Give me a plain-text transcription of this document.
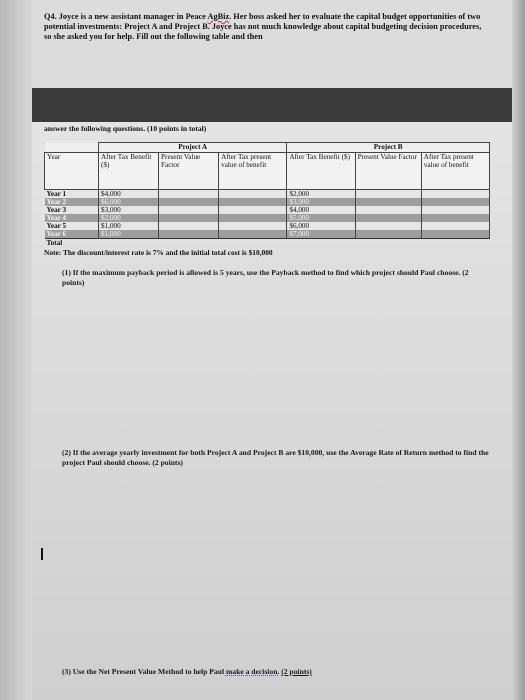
Q4. Joyce is a new assistant manager in Peace AgBiz. Her boss asked her to evaluate the capital budget opportunities of two potential investments: Project A and Project B. Joyce has not much knowledge about capital budgeting decision procedures, so she asked you for help. Fill out the following table and then
answer the following questions. (10 points in total)
	Project A			Project B		
Year	After Tax Benefit ($)	Present Value Factor	After Tax present value of benefit	After Tax Benefit ($)	Present Value Factor	After Tax present value of benefit
Year 1	$4,000			$2,000		
Year 2	$6,000			$3,000		
Year 3	$3,000			$4,000		
Year 4	$2,000			$5,000		
Year 5	$1,000			$6,000		
Year 6	$1,000			$7,000		
Total						
Note: The discount/interest rate is 7% and the initial total cost is $10,000
(1) If the maximum payback period is allowed is 5 years, use the Payback method to find which project should Paul choose. (2 points)
(2) If the average yearly investment for both Project A and Project B are $10,000, use the Average Rate of Return method to find the project Paul should choose. (2 points)
(3) Use the Net Present Value Method to help Paul make a decision. (2 points)
